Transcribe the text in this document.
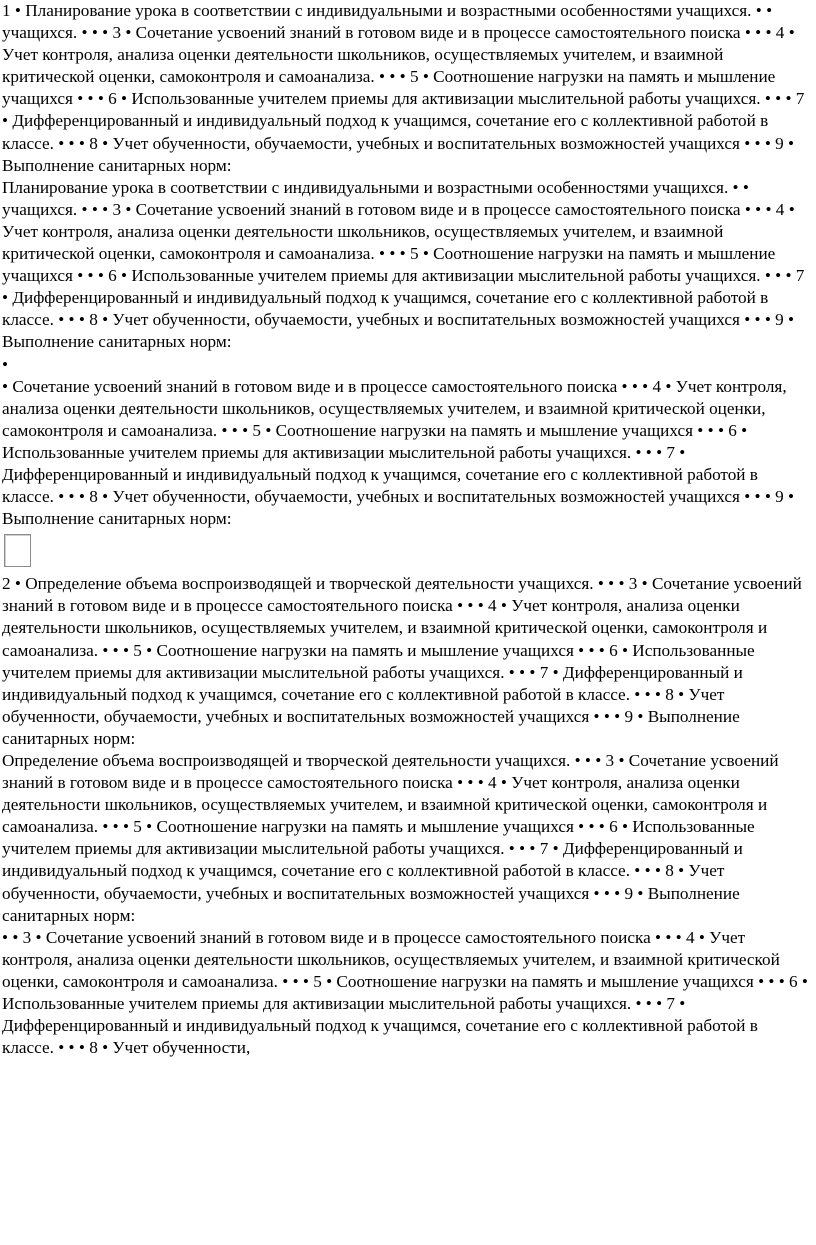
1 • Планирование урока в соответствии с индивидуальными и возрастными особенностями учащихся. • •

учащихся. • • • 3 • Сочетание усвоений знаний в готовом виде и в процессе самостоятельного поиска • • • 4 • Учет контроля, анализа оценки деятельности школьников, осуществляемых учителем, и взаимной критической оценки, самоконтроля и самоанализа. • • • 5 • Соотношение нагрузки на память и мышление учащихся • • • 6 • Использованные учителем приемы для активизации мыслительной работы учащихся. • • • 7 • Дифференцированный и индивидуальный подход к учащимся, сочетание его с коллективной работой в классе. • • • 8 • Учет обученности, обучаемости, учебных и воспитательных возможностей учащихся • • • 9 • Выполнение санитарных норм:

Планирование урока в соответствии с индивидуальными и возрастными особенностями учащихся. • •

учащихся. • • • 3 • Сочетание усвоений знаний в готовом виде и в процессе самостоятельного поиска • • • 4 • Учет контроля, анализа оценки деятельности школьников, осуществляемых учителем, и взаимной критической оценки, самоконтроля и самоанализа. • • • 5 • Соотношение нагрузки на память и мышление учащихся • • • 6 • Использованные учителем приемы для активизации мыслительной работы учащихся. • • • 7 • Дифференцированный и индивидуальный подход к учащимся, сочетание его с коллективной работой в классе. • • • 8 • Учет обученности, обучаемости, учебных и воспитательных возможностей учащихся • • • 9 • Выполнение санитарных норм:

•

• Сочетание усвоений знаний в готовом виде и в процессе самостоятельного поиска • • • 4 • Учет контроля, анализа оценки деятельности школьников, осуществляемых учителем, и взаимной критической оценки, самоконтроля и самоанализа. • • • 5 • Соотношение нагрузки на память и мышление учащихся • • • 6 • Использованные учителем приемы для активизации мыслительной работы учащихся. • • • 7 • Дифференцированный и индивидуальный подход к учащимся, сочетание его с коллективной работой в классе. • • • 8 • Учет обученности, обучаемости, учебных и воспитательных возможностей учащихся • • • 9 • Выполнение санитарных норм:

2 • Определение объема воспроизводящей и творческой деятельности учащихся. • • • 3 • Сочетание усвоений знаний в готовом виде и в процессе самостоятельного поиска • • • 4 • Учет контроля, анализа оценки деятельности школьников, осуществляемых учителем, и взаимной критической оценки, самоконтроля и самоанализа. • • • 5 • Соотношение нагрузки на память и мышление учащихся • • • 6 • Использованные учителем приемы для активизации мыслительной работы учащихся. • • • 7 • Дифференцированный и индивидуальный подход к учащимся, сочетание его с коллективной работой в классе. • • • 8 • Учет обученности, обучаемости, учебных и воспитательных возможностей учащихся • • • 9 • Выполнение санитарных норм:

Определение объема воспроизводящей и творческой деятельности учащихся. • • • 3 • Сочетание усвоений знаний в готовом виде и в процессе самостоятельного поиска • • • 4 • Учет контроля, анализа оценки деятельности школьников, осуществляемых учителем, и взаимной критической оценки, самоконтроля и самоанализа. • • • 5 • Соотношение нагрузки на память и мышление учащихся • • • 6 • Использованные учителем приемы для активизации мыслительной работы учащихся. • • • 7 • Дифференцированный и индивидуальный подход к учащимся, сочетание его с коллективной работой в классе. • • • 8 • Учет обученности, обучаемости, учебных и воспитательных возможностей учащихся • • • 9 • Выполнение санитарных норм:

• • 3 • Сочетание усвоений знаний в готовом виде и в процессе самостоятельного поиска • • • 4 • Учет контроля, анализа оценки деятельности школьников, осуществляемых учителем, и взаимной критической оценки, самоконтроля и самоанализа. • • • 5 • Соотношение нагрузки на память и мышление учащихся • • • 6 • Использованные учителем приемы для активизации мыслительной работы учащихся. • • • 7 • Дифференцированный и индивидуальный подход к учащимся, сочетание его с коллективной работой в классе. • • • 8 • Учет обученности,
